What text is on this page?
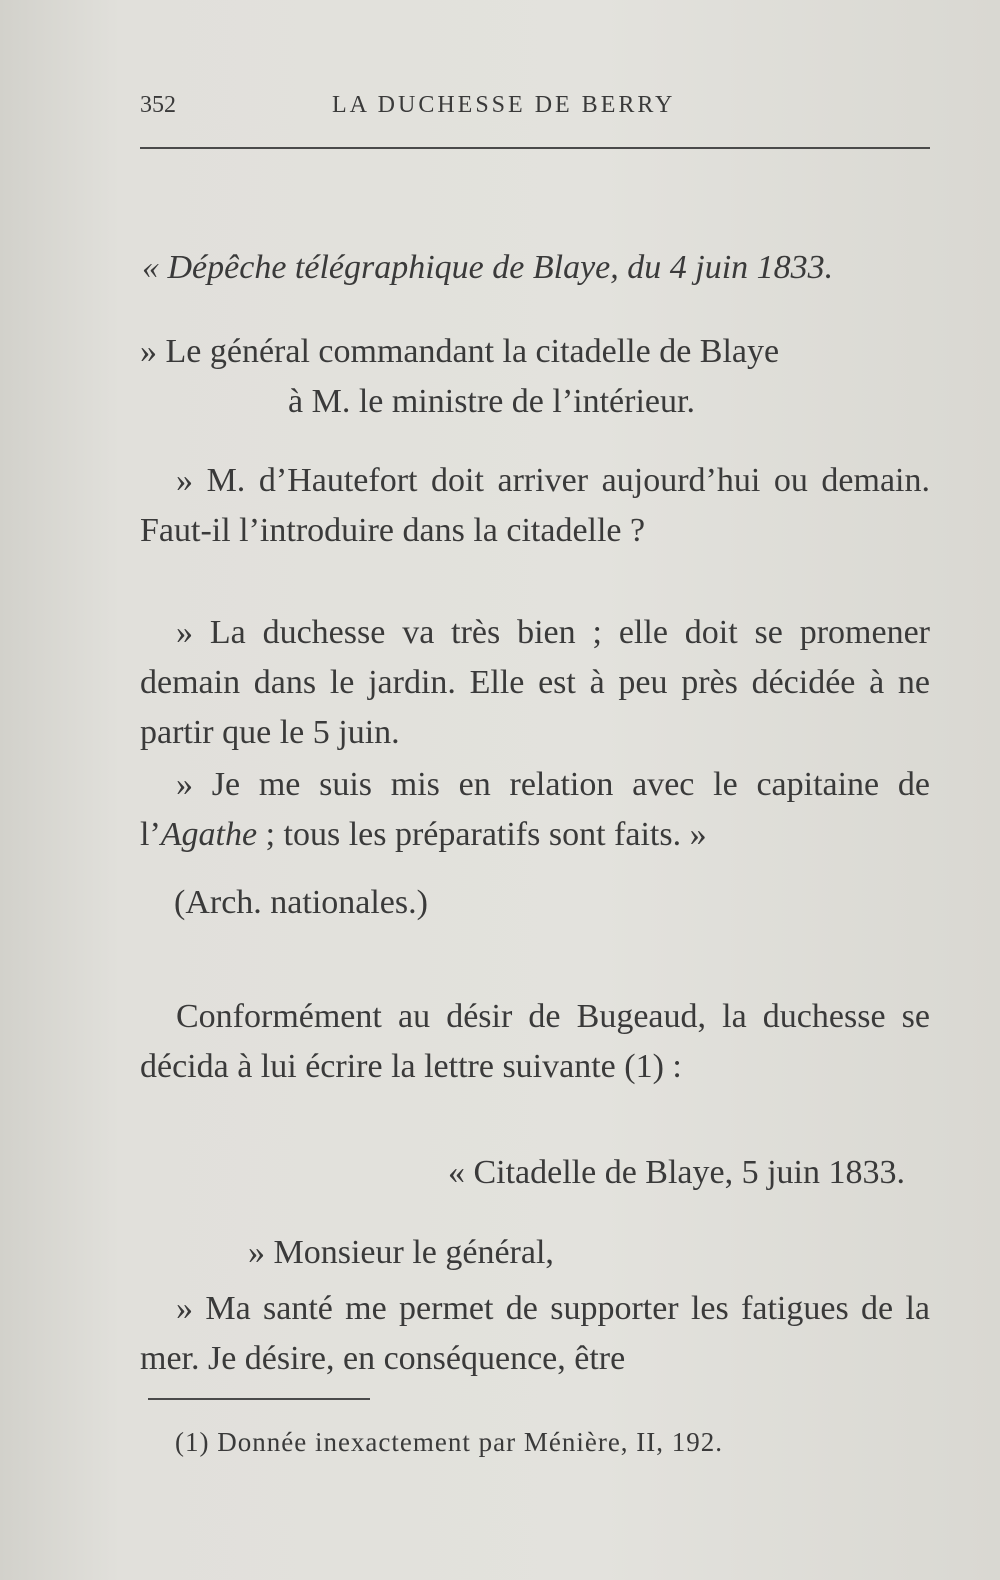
352	LA DUCHESSE DE BERRY

« Dépêche télégraphique de Blaye, du 4 juin 1833.

» Le général commandant la citadelle de Blaye

à M. le ministre de l’intérieur.

» M. d’Hautefort doit arriver aujourd’hui ou demain. Faut-il l’introduire dans la citadelle ?

» La duchesse va très bien ; elle doit se promener demain dans le jardin. Elle est à peu près décidée à ne partir que le 5 juin.

» Je me suis mis en relation avec le capitaine de l’Agathe ; tous les préparatifs sont faits. »

(Arch. nationales.)

Conformément au désir de Bugeaud, la duchesse se décida à lui écrire la lettre suivante (1) :

« Citadelle de Blaye, 5 juin 1833.

» Monsieur le général,

» Ma santé me permet de supporter les fatigues de la mer. Je désire, en conséquence, être

(1) Donnée inexactement par Ménière, II, 192.
